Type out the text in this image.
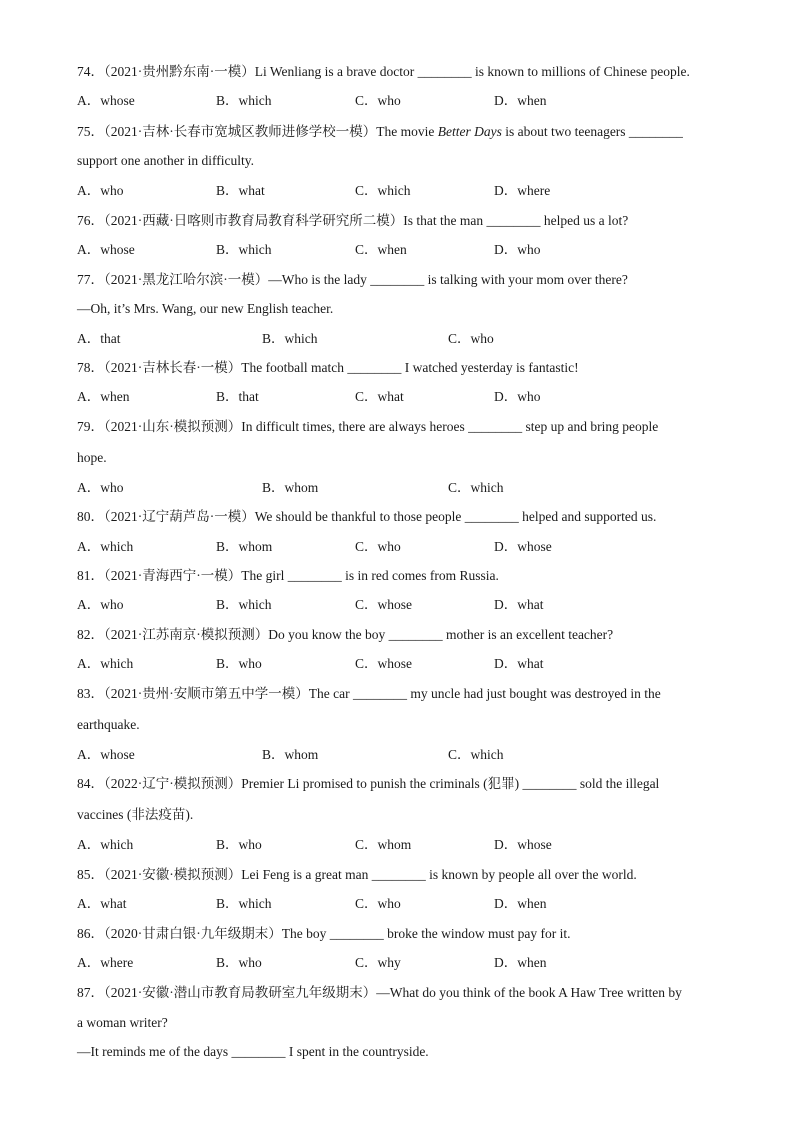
74．（2021·贵州黔东南·一模）Li Wenliang is a brave doctor ________ is known to millions of Chinese people.
A．whose	B．which	C．who	D．when
75．（2021·吉林·长春市宽城区教师进修学校一模）The movie Better Days is about two teenagers ________
support one another in difficulty.
A．who	B．what	C．which	D．where
76．（2021·西藏·日喀则市教育局教育科学研究所二模）Is that the man ________ helped us a lot?
A．whose	B．which	C．when	D．who
77．（2021·黑龙江哈尔滨·一模）—Who is the lady ________ is talking with your mom over there?
—Oh, it’s Mrs. Wang, our new English teacher.
A．that	B．which	C．who
78．（2021·吉林长春·一模）The football match ________ I watched yesterday is fantastic!
A．when	B．that	C．what	D．who
79．（2021·山东·模拟预测）In difficult times, there are always heroes ________ step up and bring people
hope.
A．who	B．whom	C．which
80．（2021·辽宁葫芦岛·一模）We should be thankful to those people ________ helped and supported us.
A．which	B．whom	C．who	D．whose
81．（2021·青海西宁·一模）The girl ________ is in red comes from Russia.
A．who	B．which	C．whose	D．what
82．（2021·江苏南京·模拟预测）Do you know the boy ________ mother is an excellent teacher?
A．which	B．who	C．whose	D．what
83．（2021·贵州·安顺市第五中学一模）The car ________ my uncle had just bought was destroyed in the
earthquake.
A．whose	B．whom	C．which
84．（2022·辽宁·模拟预测）Premier Li promised to punish the criminals (犯罪) ________ sold the illegal
vaccines (非法疫苗).
A．which	B．who	C．whom	D．whose
85．（2021·安徽·模拟预测）Lei Feng is a great man ________ is known by people all over the world.
A．what	B．which	C．who	D．when
86．（2020·甘肃白银·九年级期末）The boy ________ broke the window must pay for it.
A．where	B．who	C．why	D．when
87．（2021·安徽·潜山市教育局教研室九年级期末）—What do you think of the book A Haw Tree written by
a woman writer?
—It reminds me of the days ________ I spent in the countryside.
